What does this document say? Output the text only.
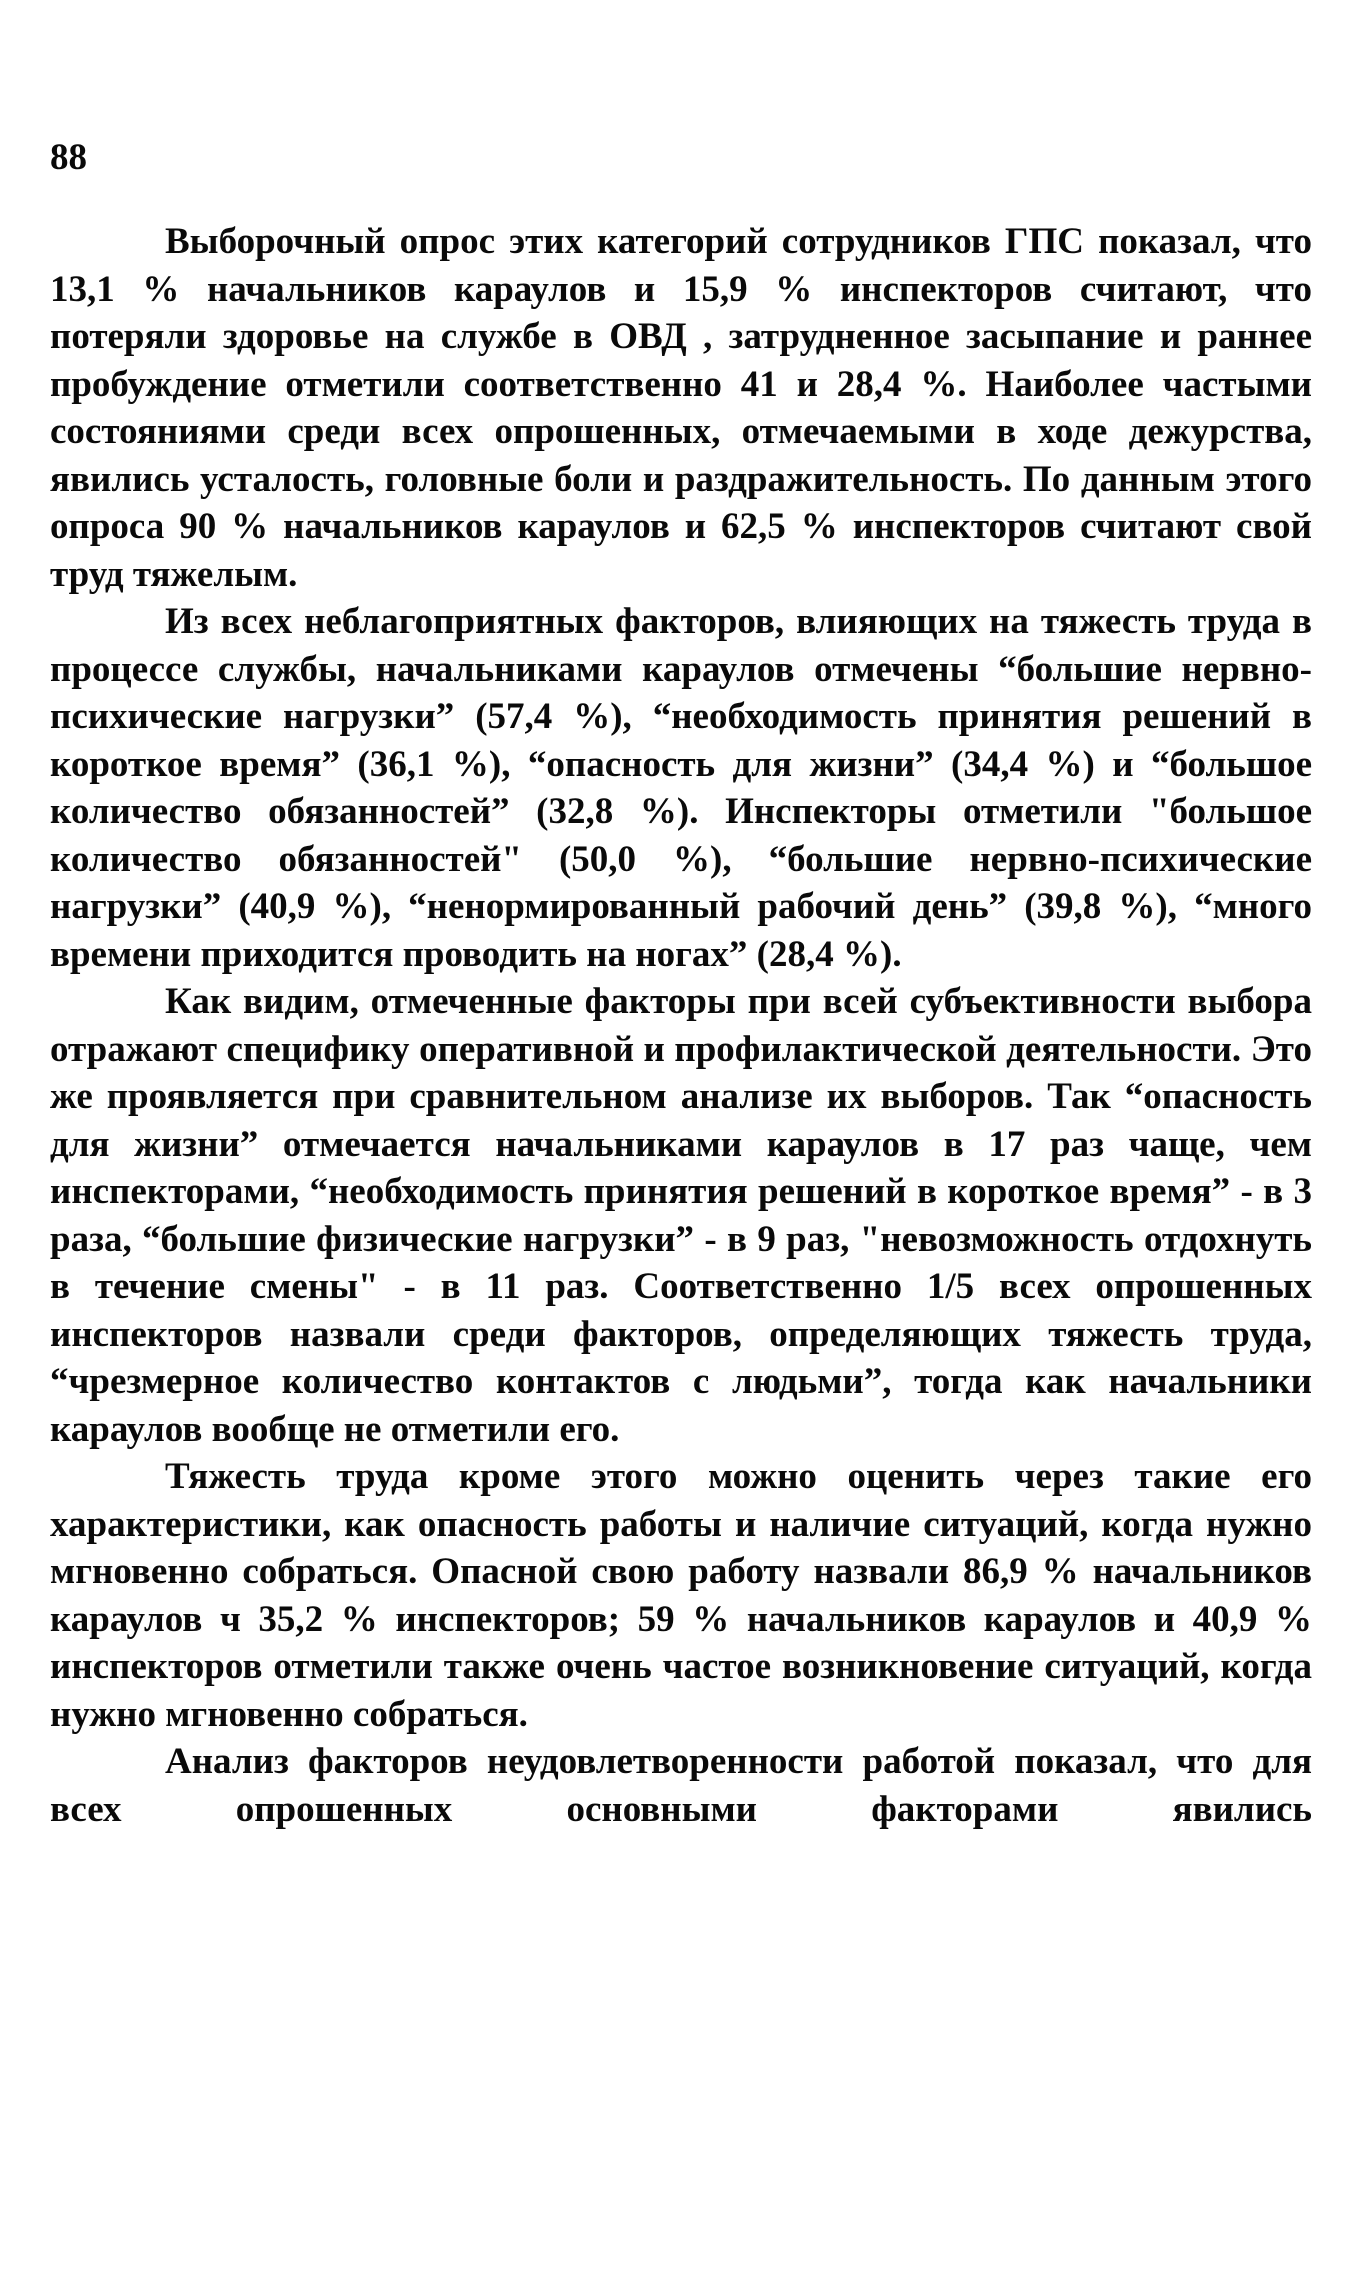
88

Выборочный опрос этих категорий сотрудников ГПС показал, что 13,1 % начальников караулов и 15,9 % инспекторов считают, что потеряли здоровье на службе в ОВД , затрудненное засыпание и раннее пробуждение отметили соответственно 41 и 28,4 %. Наиболее частыми состояниями среди всех опрошенных, отмечаемыми в ходе дежурства, явились усталость, головные боли и раздражительность. По данным этого опроса 90 % начальников караулов и 62,5 % инспекторов считают свой труд тяжелым.

Из всех неблагоприятных факторов, влияющих на тяжесть труда в процессе службы, начальниками караулов отмечены “большие нервно-психические нагрузки” (57,4 %), “необходимость принятия решений в короткое время” (36,1 %), “опасность для жизни” (34,4 %) и “большое количество обязанностей” (32,8 %). Инспекторы отметили "большое количество обязанностей" (50,0 %), “большие нервно-психические нагрузки” (40,9 %), “ненормированный рабочий день” (39,8 %), “много времени приходится проводить на ногах” (28,4 %).

Как видим, отмеченные факторы при всей субъективности выбора отражают специфику оперативной и профилактической деятельности. Это же проявляется при сравнительном анализе их выборов. Так “опасность для жизни” отмечается начальниками караулов в 17 раз чаще, чем инспекторами, “необходимость принятия решений в короткое время” - в 3 раза, “большие физические нагрузки” - в 9 раз, "невозможность отдохнуть в течение смены" - в 11 раз. Соответственно 1/5 всех опрошенных инспекторов назвали среди факторов, определяющих тяжесть труда, “чрезмерное количество контактов с людьми”, тогда как начальники караулов вообще не отметили его.

Тяжесть труда кроме этого можно оценить через такие его характеристики, как опасность работы и наличие ситуаций, когда нужно мгновенно собраться. Опасной свою работу назвали 86,9 % начальников караулов ч 35,2 % инспекторов; 59 % начальников караулов и 40,9 % инспекторов отметили также очень частое возникновение ситуаций, когда нужно мгновенно собраться.

Анализ факторов неудовлетворенности работой показал, что для всех опрошенных основными факторами явились
